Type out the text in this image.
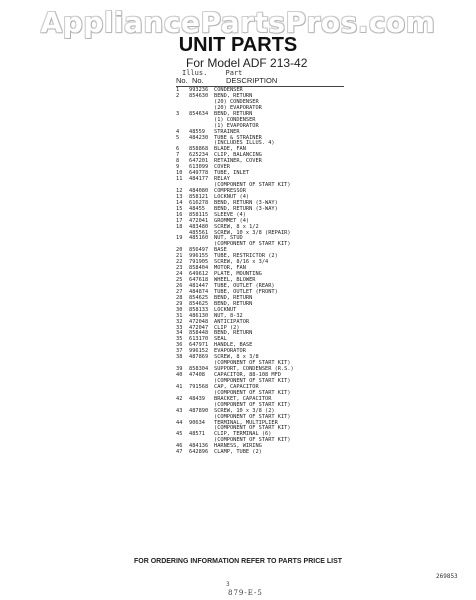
AppliancePartsPros.com
UNIT PARTS
For Model ADF 213-42
Illus.	Part
No. No.	DESCRIPTION
1	993236	CONDENSER
2	854630	BEND, RETURN
(20) CONDENSER
(20) EVAPORATOR
3	854634	BEND, RETURN
(1) CONDENSER
(1) EVAPORATOR
4	48559	STRAINER
5	484230	TUBE & STRAINER
(INCLUDES ILLUS. 4)
6	858868	BLADE, FAN
7	625234	CLIP, BALANCING
8	647201	RETAINER, COVER
9	613099	COVER
10	649778	TUBE, INLET
11	484177	RELAY
(COMPONENT OF START KIT)
12	484080	COMPRESSOR
13	858121	LOCKNUT (4)
14	616278	BEND, RETURN (3-WAY)
15	48455	BEND, RETURN (3-WAY)
16	858115	SLEEVE (4)
17	472041	GROMMET (4)
18	483480	SCREW, 8 x 1/2
485561	SCREW, 10 x 3/8 (REPAIR)
19	485160	NUT, STUD
(COMPONENT OF START KIT)
20	856497	BASE
21	996155	TUBE, RESTRICTOR (2)
22	791905	SCREW, 8/16 x 3/4
23	858404	MOTOR, FAN
24	649612	PLATE, MOUNTING
25	647618	WHEEL, BLOWER
26	481447	TUBE, OUTLET (REAR)
27	484874	TUBE, OUTLET (FRONT)
28	854625	BEND, RETURN
29	854625	BEND, RETURN
30	858133	LOCKNUT
31	486130	NUT, 8-32
32	472048	ANTICIPATOR
33	472047	CLIP (2)
34	858448	BEND, RETURN
35	613170	SEAL
36	647971	HANDLE, BASE
37	996152	EVAPORATOR
38	487869	SCREW, 8 x 3/8
(COMPONENT OF START KIT)
39	858304	SUPPORT, CONDENSER (R.S.)
40	47408	CAPACITOR, 88-108 MFD
(COMPONENT OF START KIT)
41	791568	CAP, CAPACITOR
(COMPONENT OF START KIT)
42	48439	BRACKET, CAPACITOR
(COMPONENT OF START KIT)
43	487890	SCREW, 10 x 3/8 (2)
(COMPONENT OF START KIT)
44	90634	TERMINAL, MULTIPLIER
(COMPONENT OF START KIT)
45	48571	CLIP, TERMINAL (6)
(COMPONENT OF START KIT)
46	484136	HARNESS, WIRING
47	642896	CLAMP, TUBE (2)
FOR ORDERING INFORMATION REFER TO PARTS PRICE LIST
269853
3
879-E-5
